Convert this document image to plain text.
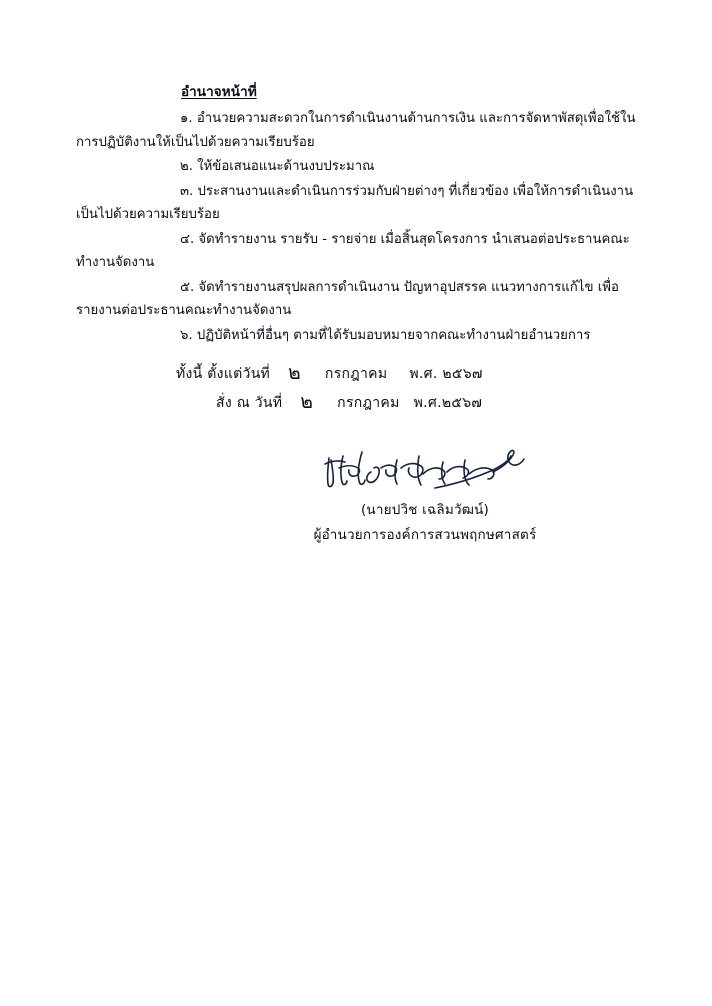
อำนาจหน้าที่

๑. อำนวยความสะดวกในการดำเนินงานด้านการเงิน และการจัดหาพัสดุเพื่อใช้ในการปฏิบัติงานให้เป็นไปด้วยความเรียบร้อย

๒. ให้ข้อเสนอแนะด้านงบประมาณ

๓. ประสานงานและดำเนินการร่วมกับฝ่ายต่างๆ ที่เกี่ยวข้อง เพื่อให้การดำเนินงานเป็นไปด้วยความเรียบร้อย

๔. จัดทำรายงาน รายรับ - รายจ่าย เมื่อสิ้นสุดโครงการ นำเสนอต่อประธานคณะทำงานจัดงาน

๕. จัดทำรายงานสรุปผลการดำเนินงาน ปัญหาอุปสรรค แนวทางการแก้ไข เพื่อรายงานต่อประธานคณะทำงานจัดงาน

๖. ปฏิบัติหน้าที่อื่นๆ ตามที่ได้รับมอบหมายจากคณะทำงานฝ่ายอำนวยการ

ทั้งนี้ ตั้งแต่วันที่ ๒ กรกฎาคม พ.ศ. ๒๕๖๗
สั่ง ณ วันที่ ๒ กรกฎาคม พ.ศ.๒๕๖๗
(นายปวิช เฉลิมวัฒน์)
ผู้อำนวยการองค์การสวนพฤกษศาสตร์
